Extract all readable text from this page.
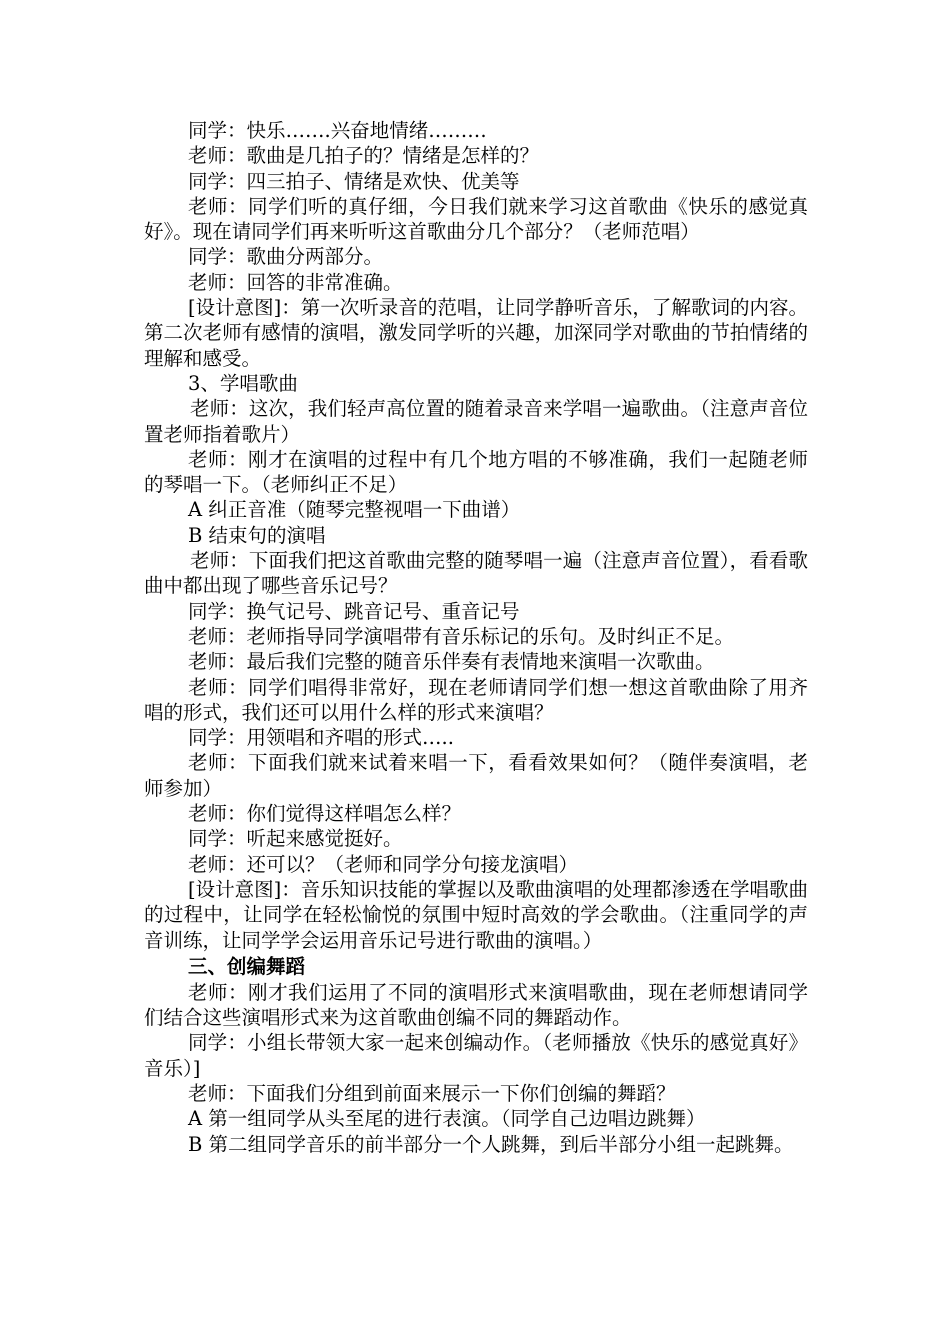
同学：快乐…….兴奋地情绪………

老师：歌曲是几拍子的？情绪是怎样的？

同学：四三拍子、情绪是欢快、优美等

老师：同学们听的真仔细，今日我们就来学习这首歌曲《快乐的感觉真好》。现在请同学们再来听听这首歌曲分几个部分？（老师范唱）

同学：歌曲分两部分。

老师：回答的非常准确。

[设计意图]：第一次听录音的范唱，让同学静听音乐，了解歌词的内容。第二次老师有感情的演唱，激发同学听的兴趣，加深同学对歌曲的节拍情绪的理解和感受。

3、学唱歌曲

老师：这次，我们轻声高位置的随着录音来学唱一遍歌曲。（注意声音位置老师指着歌片）

老师：刚才在演唱的过程中有几个地方唱的不够准确，我们一起随老师的琴唱一下。（老师纠正不足）

A 纠正音准（随琴完整视唱一下曲谱）

B 结束句的演唱

老师：下面我们把这首歌曲完整的随琴唱一遍（注意声音位置），看看歌曲中都出现了哪些音乐记号？

同学：换气记号、跳音记号、重音记号

老师：老师指导同学演唱带有音乐标记的乐句。及时纠正不足。

老师：最后我们完整的随音乐伴奏有表情地来演唱一次歌曲。

老师：同学们唱得非常好，现在老师请同学们想一想这首歌曲除了用齐唱的形式，我们还可以用什么样的形式来演唱？

同学：用领唱和齐唱的形式…..

老师：下面我们就来试着来唱一下，看看效果如何？（随伴奏演唱，老师参加）

老师：你们觉得这样唱怎么样？

同学：听起来感觉挺好。

老师：还可以？（老师和同学分句接龙演唱）

[设计意图]：音乐知识技能的掌握以及歌曲演唱的处理都渗透在学唱歌曲的过程中，让同学在轻松愉悦的氛围中短时高效的学会歌曲。（注重同学的声音训练，让同学学会运用音乐记号进行歌曲的演唱。）

三、创编舞蹈

老师：刚才我们运用了不同的演唱形式来演唱歌曲，现在老师想请同学们结合这些演唱形式来为这首歌曲创编不同的舞蹈动作。

同学：小组长带领大家一起来创编动作。（老师播放《快乐的感觉真好》音乐）]

老师：下面我们分组到前面来展示一下你们创编的舞蹈？

A 第一组同学从头至尾的进行表演。（同学自己边唱边跳舞）

B 第二组同学音乐的前半部分一个人跳舞，到后半部分小组一起跳舞。
